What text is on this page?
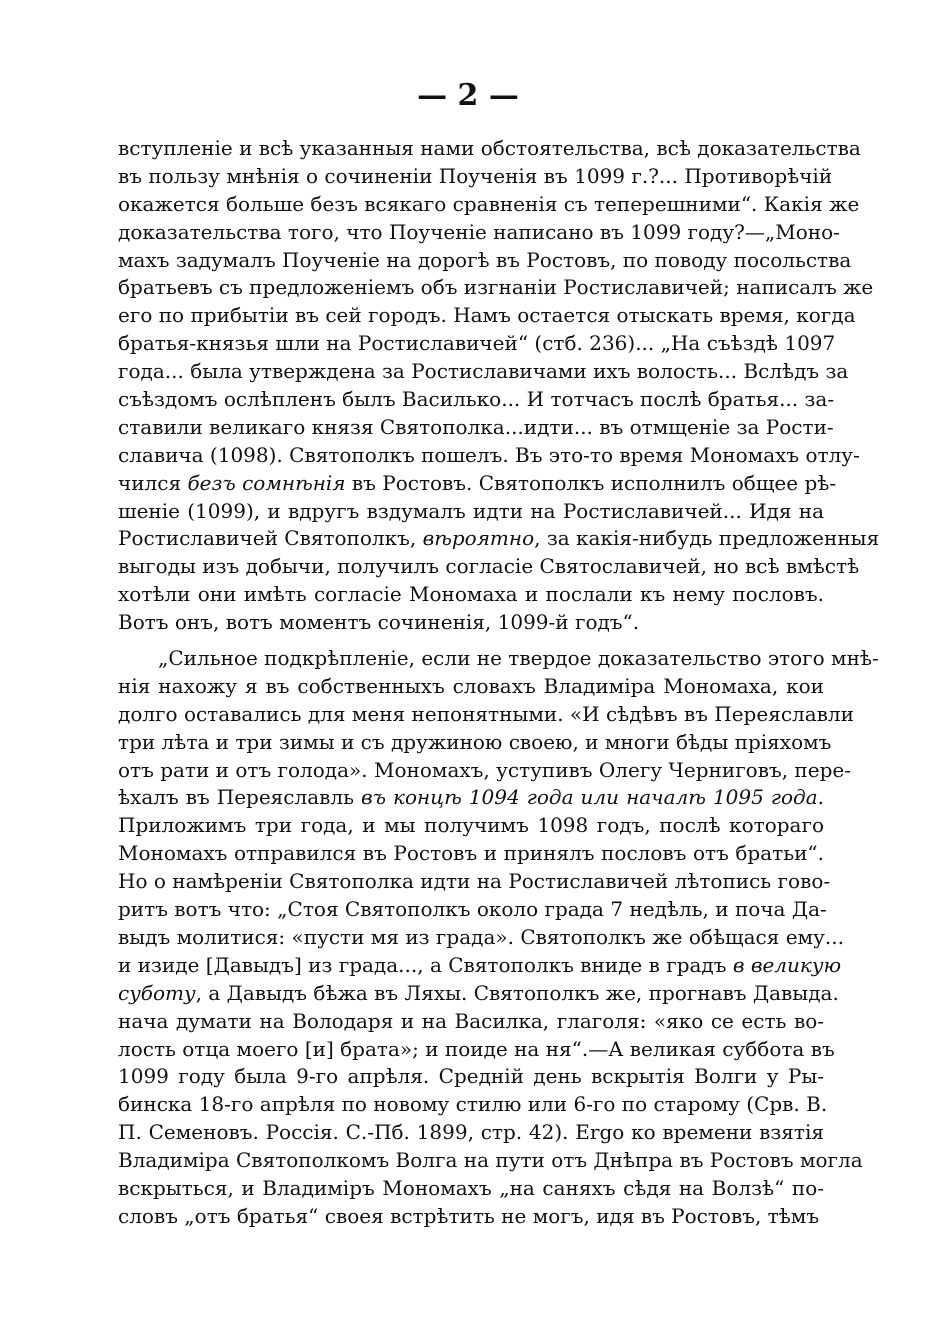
— 2 —
вступленіе и всѣ указанныя нами обстоятельства, всѣ доказательства
въ пользу мнѣнія о сочиненіи Поученія въ 1099 г.?... Противорѣчій
окажется больше безъ всякаго сравненія съ теперешними“. Какія же
доказательства того, что Поученіе написано въ 1099 году?—„Моно-
махъ задумалъ Поученіе на дорогѣ въ Ростовъ, по поводу посольства
братьевъ съ предложеніемъ объ изгнаніи Ростиславичей; написалъ же
его по прибытіи въ сей городъ. Намъ остается отыскать время, когда
братья-князья шли на Ростиславичей“ (стб. 236)... „На съѣздѣ 1097
года... была утверждена за Ростиславичами ихъ волость... Вслѣдъ за
съѣздомъ ослѣпленъ былъ Василько... И тотчасъ послѣ братья... за-
ставили великаго князя Святополка...идти... въ отмщеніе за Рости-
славича (1098). Святополкъ пошелъ. Въ это-то время Мономахъ отлу-
чился безъ сомнѣнія въ Ростовъ. Святополкъ исполнилъ общее рѣ-
шеніе (1099), и вдругъ вздумалъ идти на Ростиславичей... Идя на
Ростиславичей Святополкъ, вѣроятно, за какія-нибудь предложенныя
выгоды изъ добычи, получилъ согласіе Святославичей, но всѣ вмѣстѣ
хотѣли они имѣть согласіе Мономаха и послали къ нему пословъ.
Вотъ онъ, вотъ моментъ сочиненія, 1099-й годъ“.
„Сильное подкрѣпленіе, если не твердое доказательство этого мнѣ-
нія нахожу я въ собственныхъ словахъ Владиміра Мономаха, кои
долго оставались для меня непонятными. «И сѣдѣвъ въ Переяславли
три лѣта и три зимы и съ дружиною своею, и многи бѣды пріяхомъ
отъ рати и отъ голода». Мономахъ, уступивъ Олегу Черниговъ, пере-
ѣхалъ въ Переяславль въ концѣ 1094 года или началѣ 1095 года.
Приложимъ три года, и мы получимъ 1098 годъ, послѣ котораго
Мономахъ отправился въ Ростовъ и принялъ пословъ отъ братьи“.
Но о намѣреніи Святополка идти на Ростиславичей лѣтопись гово-
ритъ вотъ что: „Стоя Святополкъ около града 7 недѣль, и поча Да-
выдъ молитися: «пусти мя из града». Святополкъ же обѣщася ему...
и изиде [Давыдъ] из града..., а Святополкъ вниде в градъ в великую
суботу, а Давыдъ бѣжа въ Ляхы. Святополкъ же, прогнавъ Давыда.
нача думати на Володаря и на Василка, глаголя: «яко се есть во-
лость отца моего [и] брата»; и поиде на ня“.—А великая суббота въ
1099 году была 9-го апрѣля. Средній день вскрытія Волги у Ры-
бинска 18-го апрѣля по новому стилю или 6-го по старому (Срв. В.
П. Семеновъ. Россія. С.-Пб. 1899, стр. 42). Ergo ко времени взятія
Владиміра Святополкомъ Волга на пути отъ Днѣпра въ Ростовъ могла
вскрыться, и Владиміръ Мономахъ „на саняхъ сѣдя на Волзѣ“ по-
словъ „отъ братья“ своея встрѣтить не могъ, идя въ Ростовъ, тѣмъ
